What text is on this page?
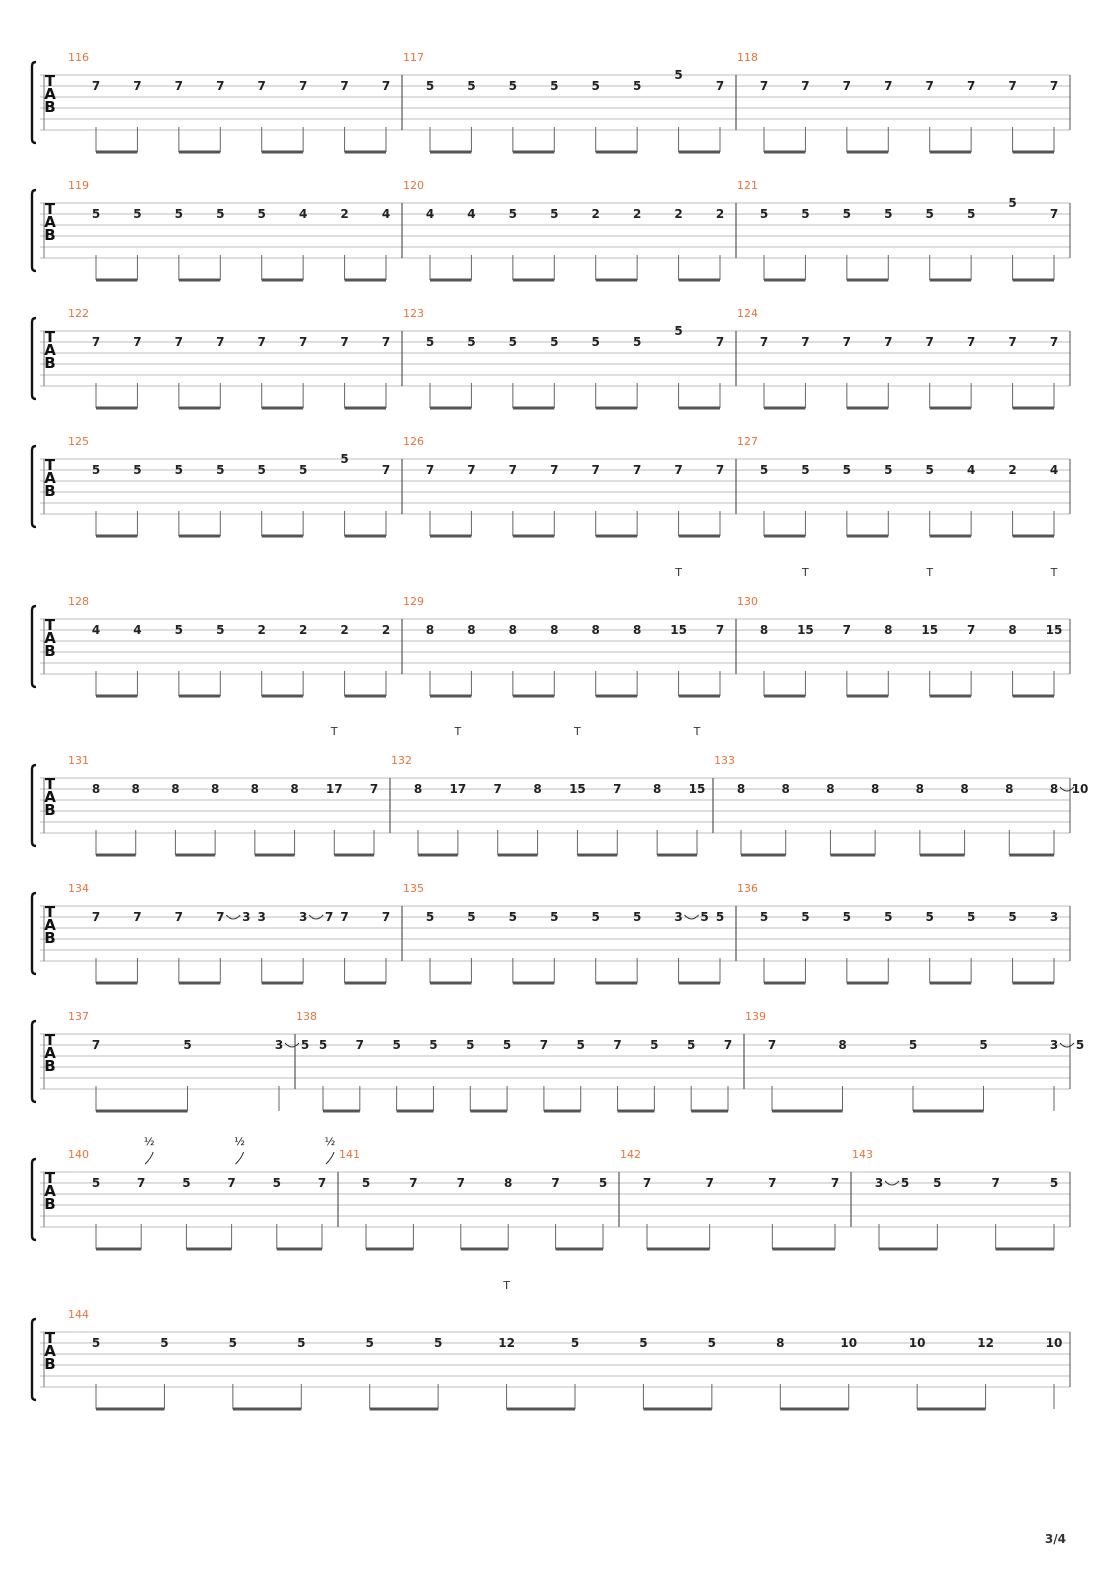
T
A
B
116
7	7	7	7	7	7	7	7
117
5	5	5	5	5	5
5
7
118
7	7	7	7	7	7	7	7
T
A
B
119
5	5	5	5	5	4	2	4
120
4	4	5	5	2	2	2	2
121
5	5	5	5	5	5
5
7
T
A
B
122
7	7	7	7	7	7	7	7
123
5	5	5	5	5	5
5
7
124
7	7	7	7	7	7	7	7
T
A
B
125
5	5	5	5	5	5
5
7
126
7	7	7	7	7	7	7	7
127
5	5	5	5	5	4	2	4
T
A
B
128
4	4	5	5	2	2	2	2
129
8	8	8	8	8	8 15 7
T
130
8 15 7	8 15 7	8 15
T	T	T
T
A
B
131
8	8	8	8	8	8 17 7
T
132
8 17 7	8 15 7	8 15
T	T	T
133
8	8	8	8	8	8	8	8 10
T
A
B
134
7	7	7	7 3 3	3 7 7	7
135
5	5	5	5	5	5	3 5 5
136
5	5	5	5	5	5	5	3
T
A
B
137
7	5	3 5
138
5 7 5 5 5 5 7 5 7 5 5 7
139
7	8	5	5	3 5
T
A
B
140
5	7	5	7	5	7
½	½	½
141
5	7	7	8	7	5
142
7	7	7	7
143
3 5 5	7	5
T
A
B
144
5	5	5	5	5	5	12	5	5	5	8	10	10	12	10
T
3/4
